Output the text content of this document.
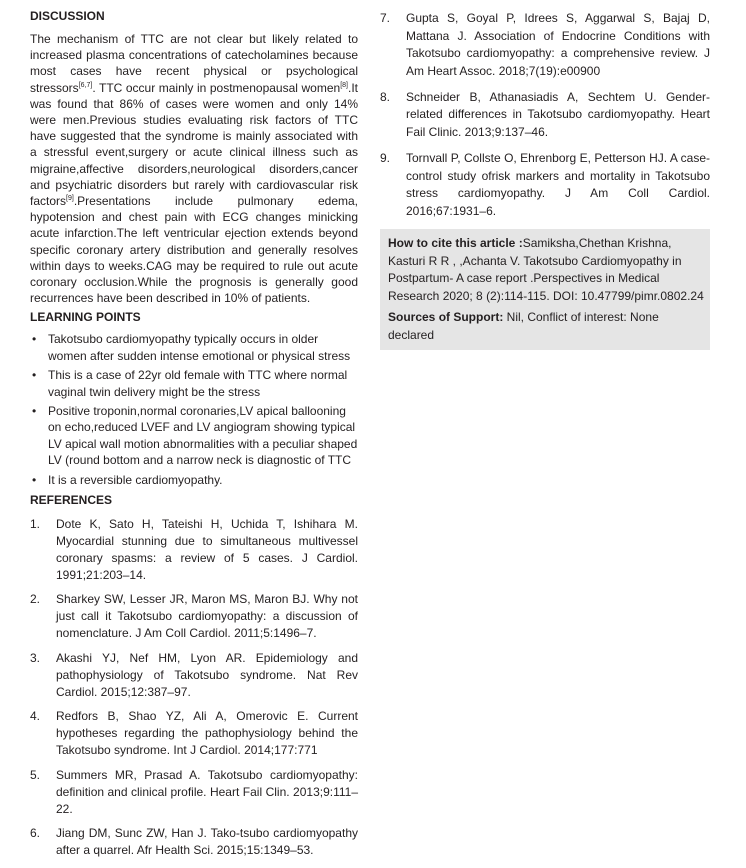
DISCUSSION

The mechanism of TTC are not clear but likely related to increased plasma concentrations of catecholamines because most cases have recent physical or psychological stressors[6,7]. TTC occur mainly in postmenopausal women[8].It was found that 86% of cases were women and only 14% were men.Previous studies evaluating risk factors of TTC have suggested that the syndrome is mainly associated with a stressful event,surgery or acute clinical illness such as migraine,affective disorders,neurological disorders,cancer and psychiatric disorders but rarely with cardiovascular risk factors[9].Presentations include pulmonary edema, hypotension and chest pain with ECG changes minicking acute infarction.The left ventricular ejection extends beyond specific coronary artery distribution and generally resolves within days to weeks.CAG may be required to rule out acute coronary occlusion.While the prognosis is generally good recurrences have been described in 10% of patients.

LEARNING POINTS
• Takotsubo cardiomyopathy typically occurs in older women after sudden intense emotional or physical stress
• This is a case of 22yr old female with TTC where normal vaginal twin delivery might be the stress
• Positive troponin,normal coronaries,LV apical ballooning on echo,reduced LVEF and LV angiogram showing typical LV apical wall motion abnormalities with a peculiar shaped LV (round bottom and a narrow neck is diagnostic of TTC
• It is a reversible cardiomyopathy.
REFERENCES
1. Dote K, Sato H, Tateishi H, Uchida T, Ishihara M. Myocardial stunning due to simultaneous multivessel coronary spasms: a review of 5 cases. J Cardiol. 1991;21:203–14.
2. Sharkey SW, Lesser JR, Maron MS, Maron BJ. Why not just call it Takotsubo cardiomyopathy: a discussion of nomenclature. J Am Coll Cardiol. 2011;5:1496–7.
3. Akashi YJ, Nef HM, Lyon AR. Epidemiology and pathophysiology of Takotsubo syndrome. Nat Rev Cardiol. 2015;12:387–97.
4. Redfors B, Shao YZ, Ali A, Omerovic E. Current hypotheses regarding the pathophysiology behind the Takotsubo syndrome. Int J Cardiol. 2014;177:771
5. Summers MR, Prasad A. Takotsubo cardiomyopathy: definition and clinical profile. Heart Fail Clin. 2013;9:111–22.
6. Jiang DM, Sunc ZW, Han J. Tako-tsubo cardiomyopathy after a quarrel. Afr Health Sci. 2015;15:1349–53.
7. Gupta S, Goyal P, Idrees S, Aggarwal S, Bajaj D, Mattana J. Association of Endocrine Conditions with Takotsubo cardiomyopathy: a comprehensive review. J Am Heart Assoc. 2018;7(19):e00900
8. Schneider B, Athanasiadis A, Sechtem U. Gender-related differences in Takotsubo cardiomyopathy. Heart Fail Clinic. 2013;9:137–46.
9. Tornvall P, Collste O, Ehrenborg E, Petterson HJ. A case-control study ofrisk markers and mortality in Takotsubo stress cardiomyopathy. J Am Coll Cardiol. 2016;67:1931–6.

How to cite this article :Samiksha,Chethan Krishna, Kasturi R R , ,Achanta V. Takotsubo Cardiomyopathy in Postpartum- A case report .Perspectives in Medical Research 2020; 8 (2):114-115. DOI: 10.47799/pimr.0802.24

Sources of Support: Nil, Conflict of interest: None declared
